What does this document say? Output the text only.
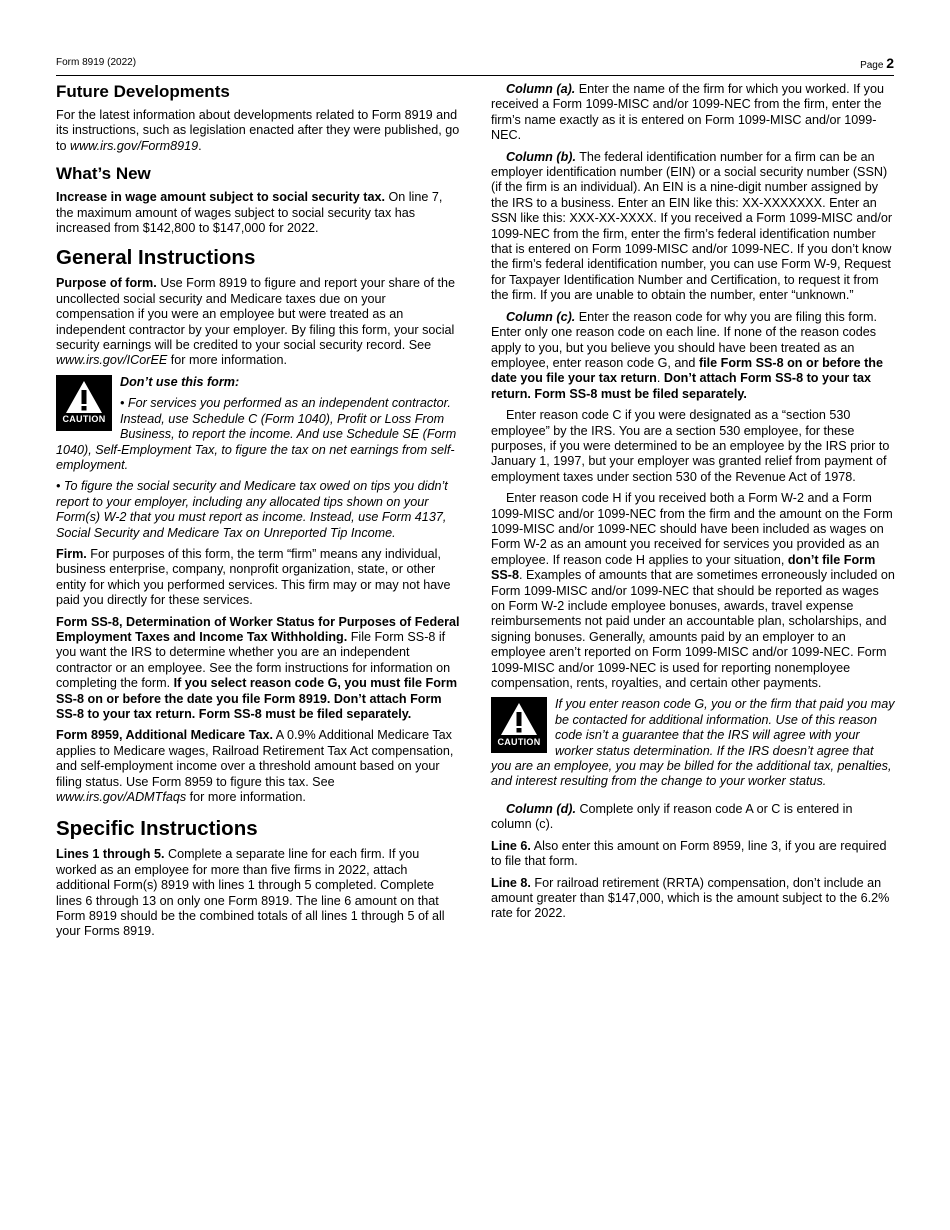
Form 8919 (2022)	Page 2
Future Developments

For the latest information about developments related to Form 8919 and its instructions, such as legislation enacted after they were published, go to www.irs.gov/Form8919.

What’s New

Increase in wage amount subject to social security tax. On line 7, the maximum amount of wages subject to social security tax has increased from $142,800 to $147,000 for 2022.

General Instructions

Purpose of form. Use Form 8919 to figure and report your share of the uncollected social security and Medicare taxes due on your compensation if you were an employee but were treated as an independent contractor by your employer. By filing this form, your social security earnings will be credited to your social security record. See www.irs.gov/ICorEE for more information.

CAUTION

Don’t use this form:

• For services you performed as an independent contractor. Instead, use Schedule C (Form 1040), Profit or Loss From Business, to report the income. And use Schedule SE (Form 1040), Self-Employment Tax, to figure the tax on net earnings from self-employment.

• To figure the social security and Medicare tax owed on tips you didn’t report to your employer, including any allocated tips shown on your Form(s) W-2 that you must report as income. Instead, use Form 4137, Social Security and Medicare Tax on Unreported Tip Income.

Firm. For purposes of this form, the term “firm” means any individual, business enterprise, company, nonprofit organization, state, or other entity for which you performed services. This firm may or may not have paid you directly for these services.

Form SS-8, Determination of Worker Status for Purposes of Federal Employment Taxes and Income Tax Withholding. File Form SS-8 if you want the IRS to determine whether you are an independent contractor or an employee. See the form instructions for information on completing the form. If you select reason code G, you must file Form SS-8 on or before the date you file Form 8919. Don’t attach Form SS-8 to your tax return. Form SS-8 must be filed separately.

Form 8959, Additional Medicare Tax. A 0.9% Additional Medicare Tax applies to Medicare wages, Railroad Retirement Tax Act compensation, and self-employment income over a threshold amount based on your filing status. Use Form 8959 to figure this tax. See www.irs.gov/ADMTfaqs for more information.

Specific Instructions

Lines 1 through 5. Complete a separate line for each firm. If you worked as an employee for more than five firms in 2022, attach additional Form(s) 8919 with lines 1 through 5 completed. Complete lines 6 through 13 on only one Form 8919. The line 6 amount on that Form 8919 should be the combined totals of all lines 1 through 5 of all your Forms 8919.

Column (a). Enter the name of the firm for which you worked. If you received a Form 1099-MISC and/or 1099-NEC from the firm, enter the firm’s name exactly as it is entered on Form 1099-MISC and/or 1099-NEC.

Column (b). The federal identification number for a firm can be an employer identification number (EIN) or a social security number (SSN) (if the firm is an individual). An EIN is a nine-digit number assigned by the IRS to a business. Enter an EIN like this: XX-XXXXXXX. Enter an SSN like this: XXX-XX-XXXX. If you received a Form 1099-MISC and/or 1099-NEC from the firm, enter the firm’s federal identification number that is entered on Form 1099-MISC and/or 1099-NEC. If you don’t know the firm’s federal identification number, you can use Form W-9, Request for Taxpayer Identification Number and Certification, to request it from the firm. If you are unable to obtain the number, enter “unknown.”

Column (c). Enter the reason code for why you are filing this form. Enter only one reason code on each line. If none of the reason codes apply to you, but you believe you should have been treated as an employee, enter reason code G, and file Form SS-8 on or before the date you file your tax return. Don’t attach Form SS-8 to your tax return. Form SS-8 must be filed separately.

Enter reason code C if you were designated as a “section 530 employee” by the IRS. You are a section 530 employee, for these purposes, if you were determined to be an employee by the IRS prior to January 1, 1997, but your employer was granted relief from payment of employment taxes under section 530 of the Revenue Act of 1978.

Enter reason code H if you received both a Form W-2 and a Form 1099-MISC and/or 1099-NEC from the firm and the amount on the Form 1099-MISC and/or 1099-NEC should have been included as wages on Form W-2 as an amount you received for services you provided as an employee. If reason code H applies to your situation, don’t file Form SS-8. Examples of amounts that are sometimes erroneously included on Form 1099-MISC and/or 1099-NEC that should be reported as wages on Form W-2 include employee bonuses, awards, travel expense reimbursements not paid under an accountable plan, scholarships, and signing bonuses. Generally, amounts paid by an employer to an employee aren’t reported on Form 1099-MISC and/or 1099-NEC. Form 1099-MISC and/or 1099-NEC is used for reporting nonemployee compensation, rents, royalties, and certain other payments.

CAUTION

If you enter reason code G, you or the firm that paid you may be contacted for additional information. Use of this reason code isn’t a guarantee that the IRS will agree with your worker status determination. If the IRS doesn’t agree that you are an employee, you may be billed for the additional tax, penalties, and interest resulting from the change to your worker status.

Column (d). Complete only if reason code A or C is entered in column (c).

Line 6. Also enter this amount on Form 8959, line 3, if you are required to file that form.

Line 8. For railroad retirement (RRTA) compensation, don’t include an amount greater than $147,000, which is the amount subject to the 6.2% rate for 2022.
